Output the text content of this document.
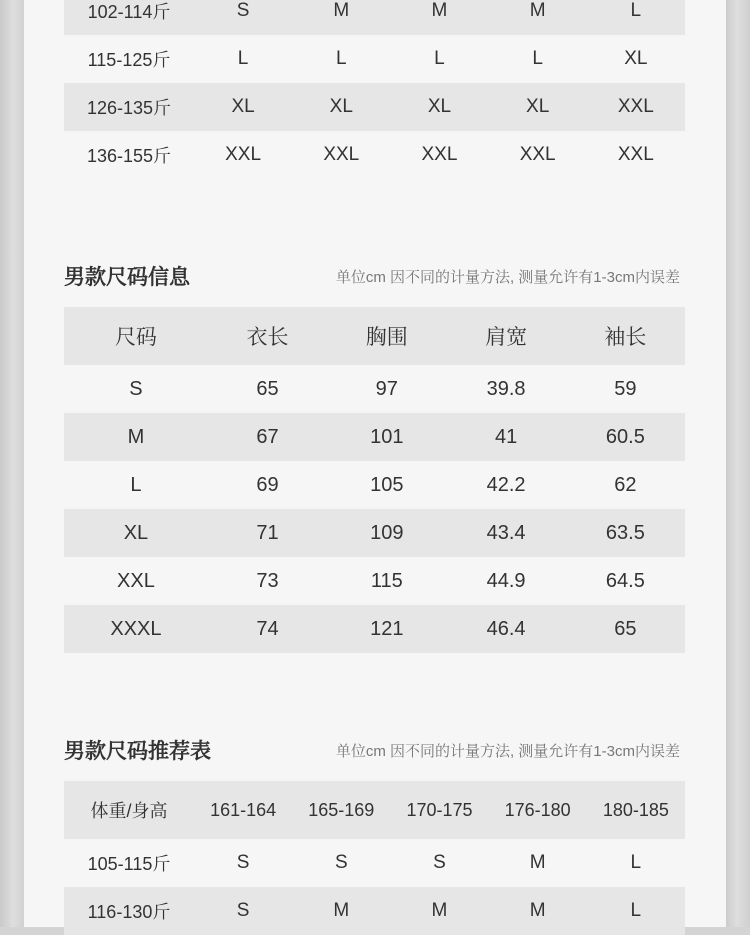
102-114斤	S	M	M	M	L
115-125斤	L	L	L	L	XL
126-135斤	XL	XL	XL	XL	XXL
136-155斤	XXL	XXL	XXL	XXL	XXL
男款尺码信息	单位cm 因不同的计量方法, 测量允许有1-3cm内误差
尺码	衣长	胸围	肩宽	袖长
S	65	97	39.8	59
M	67	101	41	60.5
L	69	105	42.2	62
XL	71	109	43.4	63.5
XXL	73	115	44.9	64.5
XXXL	74	121	46.4	65
男款尺码推荐表	单位cm 因不同的计量方法, 测量允许有1-3cm内误差
体重/身高	161-164	165-169	170-175	176-180	180-185
105-115斤	S	S	S	M	L
116-130斤	S	M	M	M	L
